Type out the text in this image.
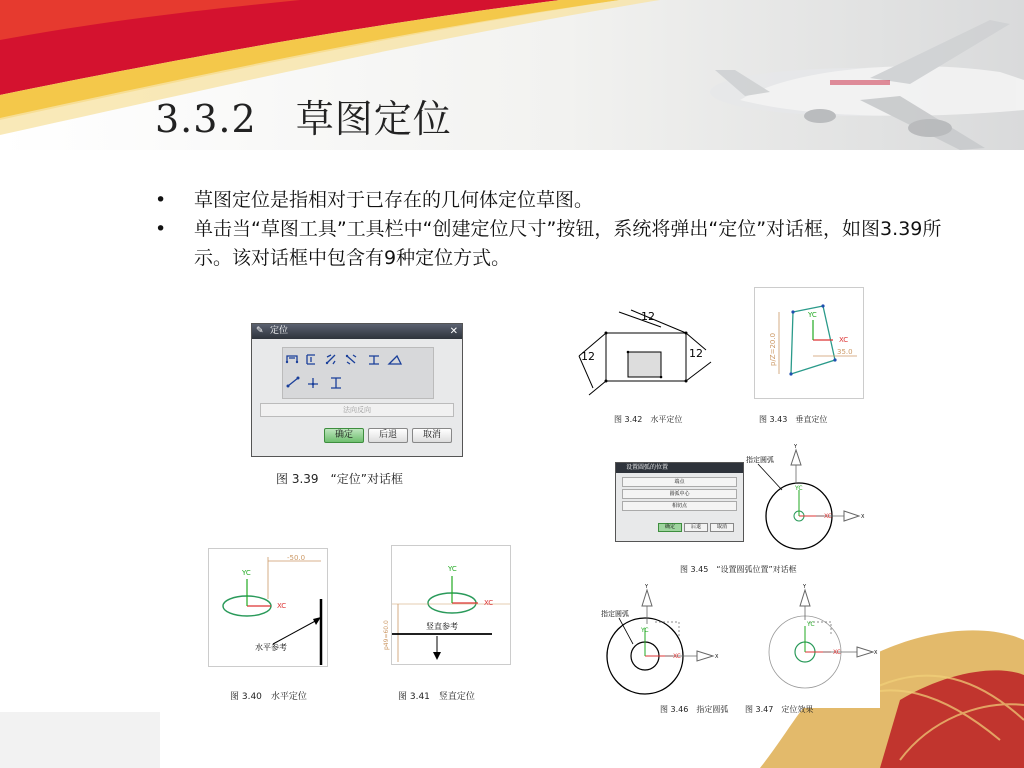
3.3.2　草图定位
• 草图定位是指相对于已存在的几何体定位草图。
• 单击当“草图工具”工具栏中“创建定位尺寸”按钮，系统将弹出“定位”对话框，如图3.39所示。该对话框中包含有9种定位方式。
✎ 定位	✕
法向反向
确定	后退	取消
图 3.39　“定位”对话框
12
12	12
图 3.42　水平定位
XC
YC
35.0
p/Z=20.0
图 3.43　垂直定位
设置圆弧的位置
端点
圆弧中心
相切点
确定	后退	取消
指定圆弧
XC
YC
X
Y
图 3.45　“设置圆弧位置”对话框
YC
XC
-50.0
水平参考
图 3.40　水平定位
YC
XC
p49=60.0	竖直参考
图 3.41　竖直定位
指定圆弧
XC
YC
X
Y
XC
YC
X
Y
图 3.46　指定圆弧 图 3.47　定位效果
